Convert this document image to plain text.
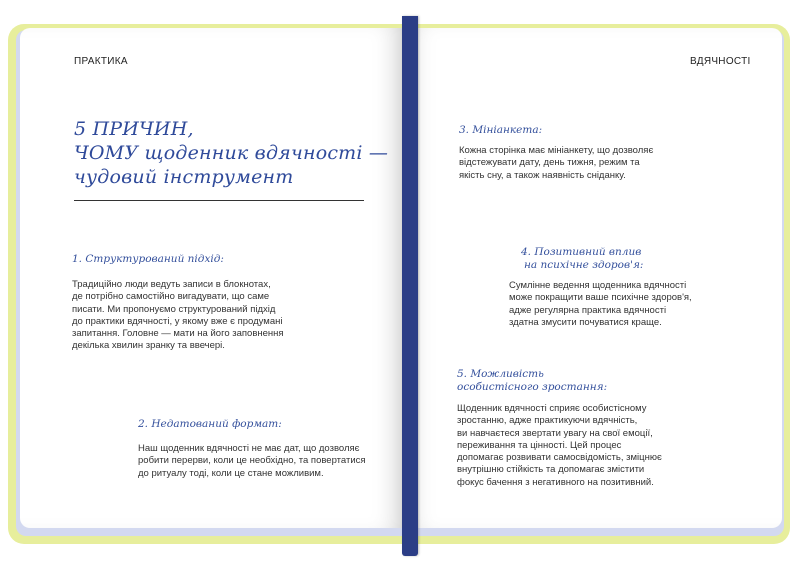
ПРАКТИКА
5 ПРИЧИН,
ЧОМУ щоденник вдячності —
чудовий інструмент
1. Структурований підхід:
Традиційно люди ведуть записи в блокнотах,
де потрібно самостійно вигадувати, що саме
писати. Ми пропонуємо структурований підхід
до практики вдячності, у якому вже є продумані
запитання. Головне — мати на його заповнення
декілька хвилин зранку та ввечері.
2. Недатований формат:
Наш щоденник вдячності не має дат, що дозволяє
робити перерви, коли це необхідно, та повертатися
до ритуалу тоді, коли це стане можливим.
ВДЯЧНОСТІ
3. Мініанкета:
Кожна сторінка має мініанкету, що дозволяє
відстежувати дату, день тижня, режим та
якість сну, а також наявність сніданку.
4. Позитивний вплив
на психічне здоров'я:
Сумлінне ведення щоденника вдячності
може покращити ваше психічне здоров'я,
адже регулярна практика вдячності
здатна змусити почуватися краще.
5. Можливість
особистісного зростання:
Щоденник вдячності сприяє особистісному
зростанню, адже практикуючи вдячність,
ви навчаєтеся звертати увагу на свої емоції,
переживання та цінності. Цей процес
допомагає розвивати самосвідомість, зміцнює
внутрішню стійкість та допомагає змістити
фокус бачення з негативного на позитивний.
